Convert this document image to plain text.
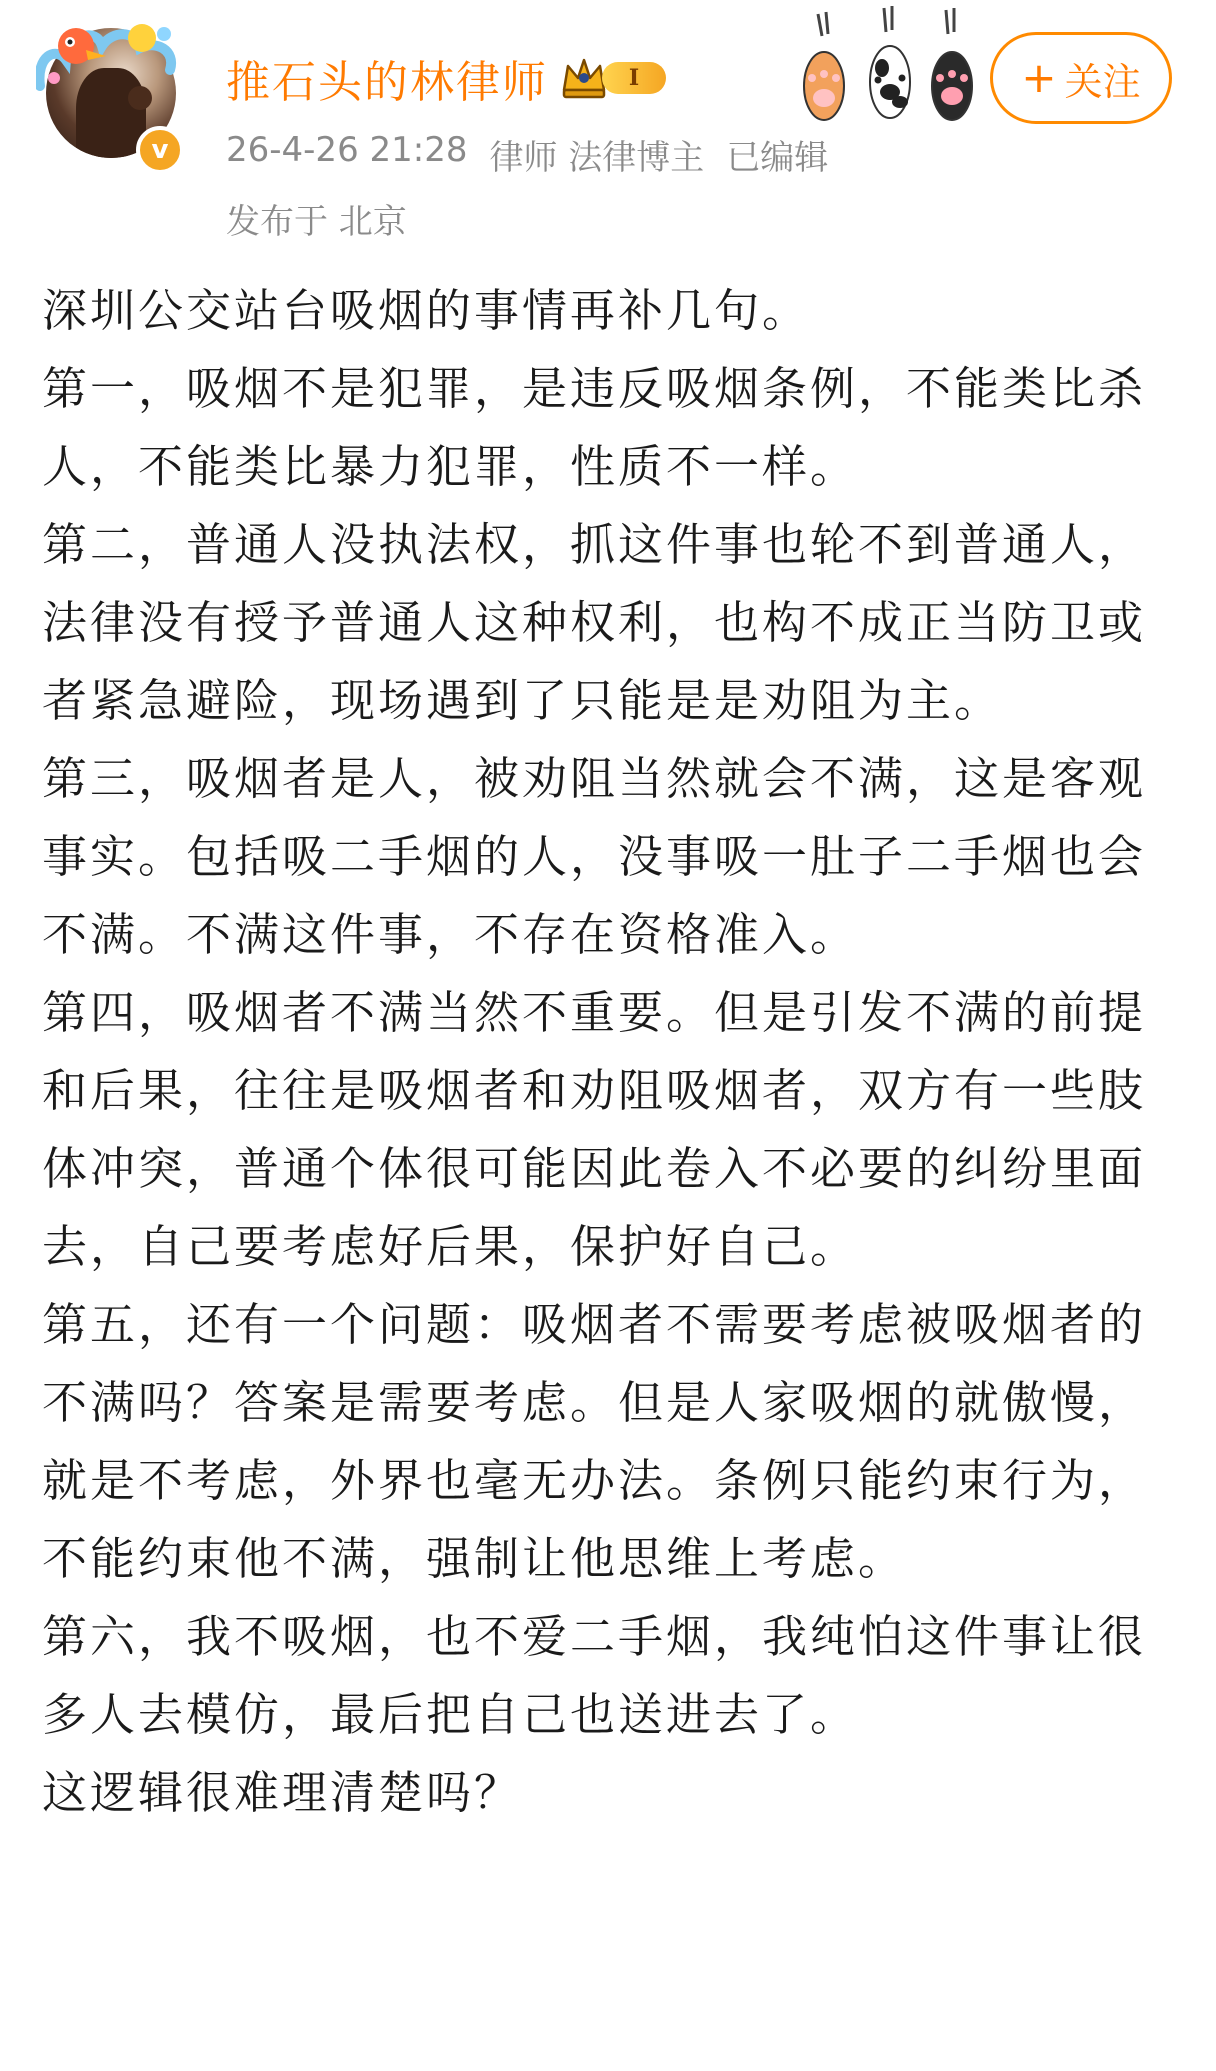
v
推石头的林律师	I
26-4-26 21:28 律师 法律博主 已编辑
发布于 北京
+ 关注

深圳公交站台吸烟的事情再补几句。

第一，吸烟不是犯罪，是违反吸烟条例，不能类比杀人，不能类比暴力犯罪，性质不一样。

第二，普通人没执法权，抓这件事也轮不到普通人，法律没有授予普通人这种权利，也构不成正当防卫或者紧急避险，现场遇到了只能是是劝阻为主。

第三，吸烟者是人，被劝阻当然就会不满，这是客观事实。包括吸二手烟的人，没事吸一肚子二手烟也会不满。不满这件事，不存在资格准入。

第四，吸烟者不满当然不重要。但是引发不满的前提和后果，往往是吸烟者和劝阻吸烟者，双方有一些肢体冲突，普通个体很可能因此卷入不必要的纠纷里面去，自己要考虑好后果，保护好自己。

第五，还有一个问题：吸烟者不需要考虑被吸烟者的不满吗？答案是需要考虑。但是人家吸烟的就傲慢，就是不考虑，外界也毫无办法。条例只能约束行为，不能约束他不满，强制让他思维上考虑。

第六，我不吸烟，也不爱二手烟，我纯怕这件事让很多人去模仿，最后把自己也送进去了。

这逻辑很难理清楚吗？
